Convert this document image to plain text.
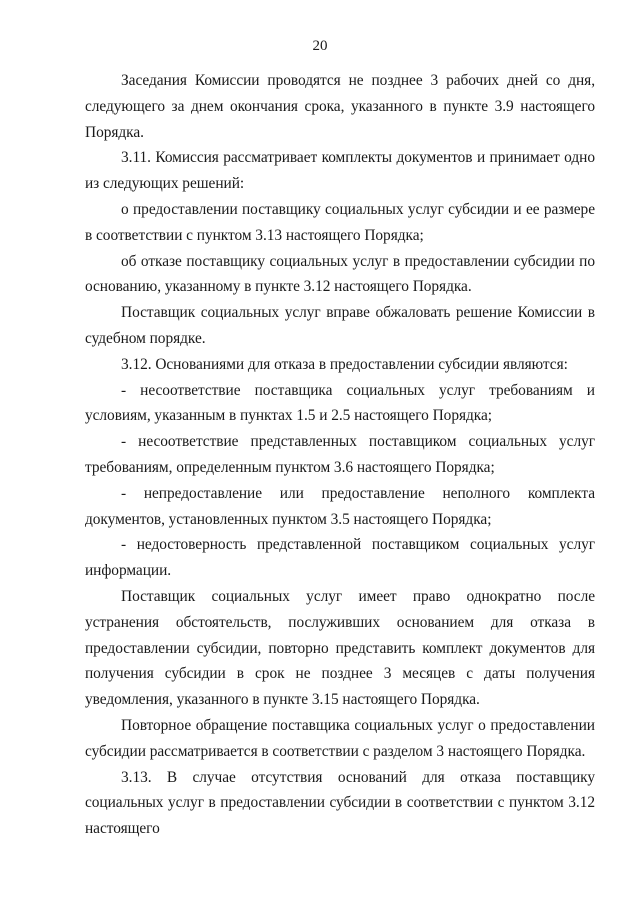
20

Заседания Комиссии проводятся не позднее 3 рабочих дней со дня, следующего за днем окончания срока, указанного в пункте 3.9 настоящего Порядка.

3.11. Комиссия рассматривает комплекты документов и принимает одно из следующих решений:

о предоставлении поставщику социальных услуг субсидии и ее размере в соответствии с пунктом 3.13 настоящего Порядка;

об отказе поставщику социальных услуг в предоставлении субсидии по основанию, указанному в пункте 3.12 настоящего Порядка.

Поставщик социальных услуг вправе обжаловать решение Комиссии в судебном порядке.

3.12. Основаниями для отказа в предоставлении субсидии являются:

- несоответствие поставщика социальных услуг требованиям и условиям, указанным в пунктах 1.5 и 2.5 настоящего Порядка;

- несоответствие представленных поставщиком социальных услуг требованиям, определенным пунктом 3.6 настоящего Порядка;

- непредоставление или предоставление неполного комплекта документов, установленных пунктом 3.5 настоящего Порядка;

- недостоверность представленной поставщиком социальных услуг информации.

Поставщик социальных услуг имеет право однократно после устранения обстоятельств, послуживших основанием для отказа в предоставлении субсидии, повторно представить комплект документов для получения субсидии в срок не позднее 3 месяцев с даты получения уведомления, указанного в пункте 3.15 настоящего Порядка.

Повторное обращение поставщика социальных услуг о предоставлении субсидии рассматривается в соответствии с разделом 3 настоящего Порядка.

3.13. В случае отсутствия оснований для отказа поставщику социальных услуг в предоставлении субсидии в соответствии с пунктом 3.12 настоящего
